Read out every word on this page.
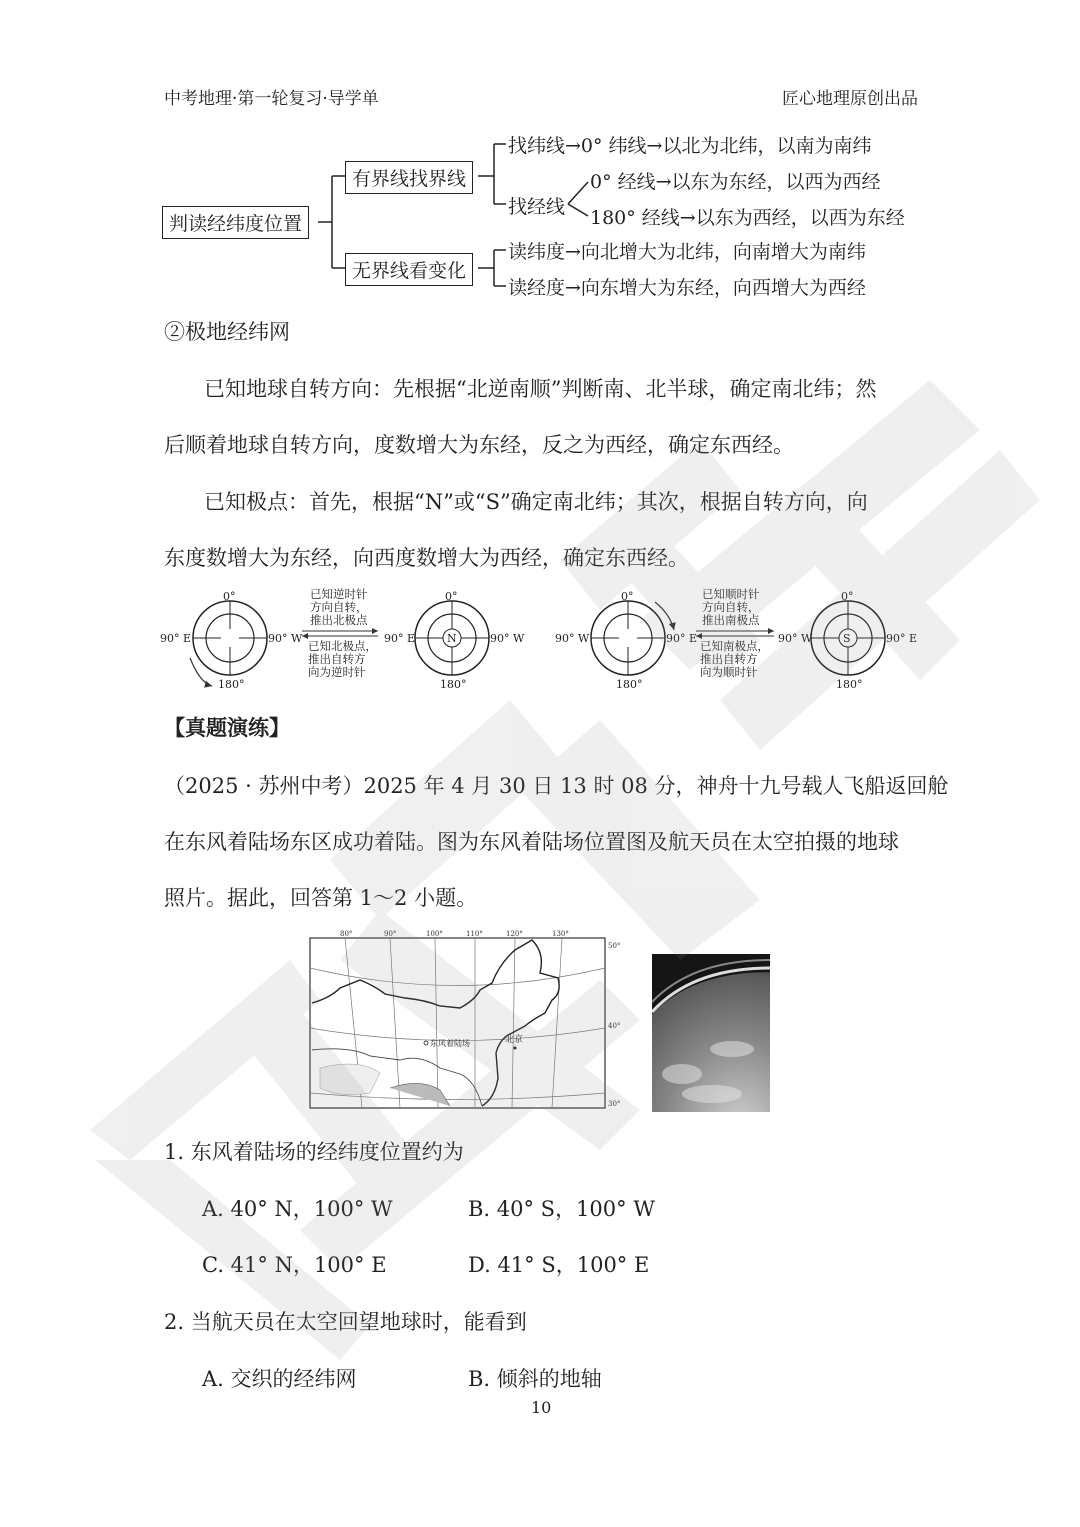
中考地理·第一轮复习·导学单	匠心地理原创出品
判读经纬度位置
有界线找界线
无界线看变化
找纬线→0° 纬线→以北为北纬，以南为南纬
找经线
0° 经线→以东为东经，以西为西经
180° 经线→以东为西经，以西为东经
读纬度→向北增大为北纬，向南增大为南纬
读经度→向东增大为东经，向西增大为西经
②极地经纬网
已知地球自转方向：先根据“北逆南顺”判断南、北半球，确定南北纬；然
后顺着地球自转方向，度数增大为东经，反之为西经，确定东西经。
已知极点：首先，根据“N”或“S”确定南北纬；其次，根据自转方向，向
东度数增大为东经，向西度数增大为西经，确定东西经。
0°
180°
90° E	90° W
已知逆时针
方向自转，
推出北极点
已知北极点，
推出自转方
向为逆时针
N
0°
180°
90° E	90° W
0°
180°
90° W	90° E
已知顺时针
方向自转，
推出南极点
已知南极点，
推出自转方
向为顺时针
S
0°
180°
90° W	90° E
【真题演练】
（2025 · 苏州中考）2025 年 4 月 30 日 13 时 08 分，神舟十九号载人飞船返回舱
在东风着陆场东区成功着陆。图为东风着陆场位置图及航天员在太空拍摄的地球
照片。据此，回答第 1～2 小题。
80°	90°	100°	110°	120°	130°
50°
40°
30°
东风着陆场	北京
1. 东风着陆场的经纬度位置约为
A. 40° N，100° W	B. 40° S，100° W
C. 41° N，100° E	D. 41° S，100° E
2. 当航天员在太空回望地球时，能看到
A. 交织的经纬网	B. 倾斜的地轴
10
